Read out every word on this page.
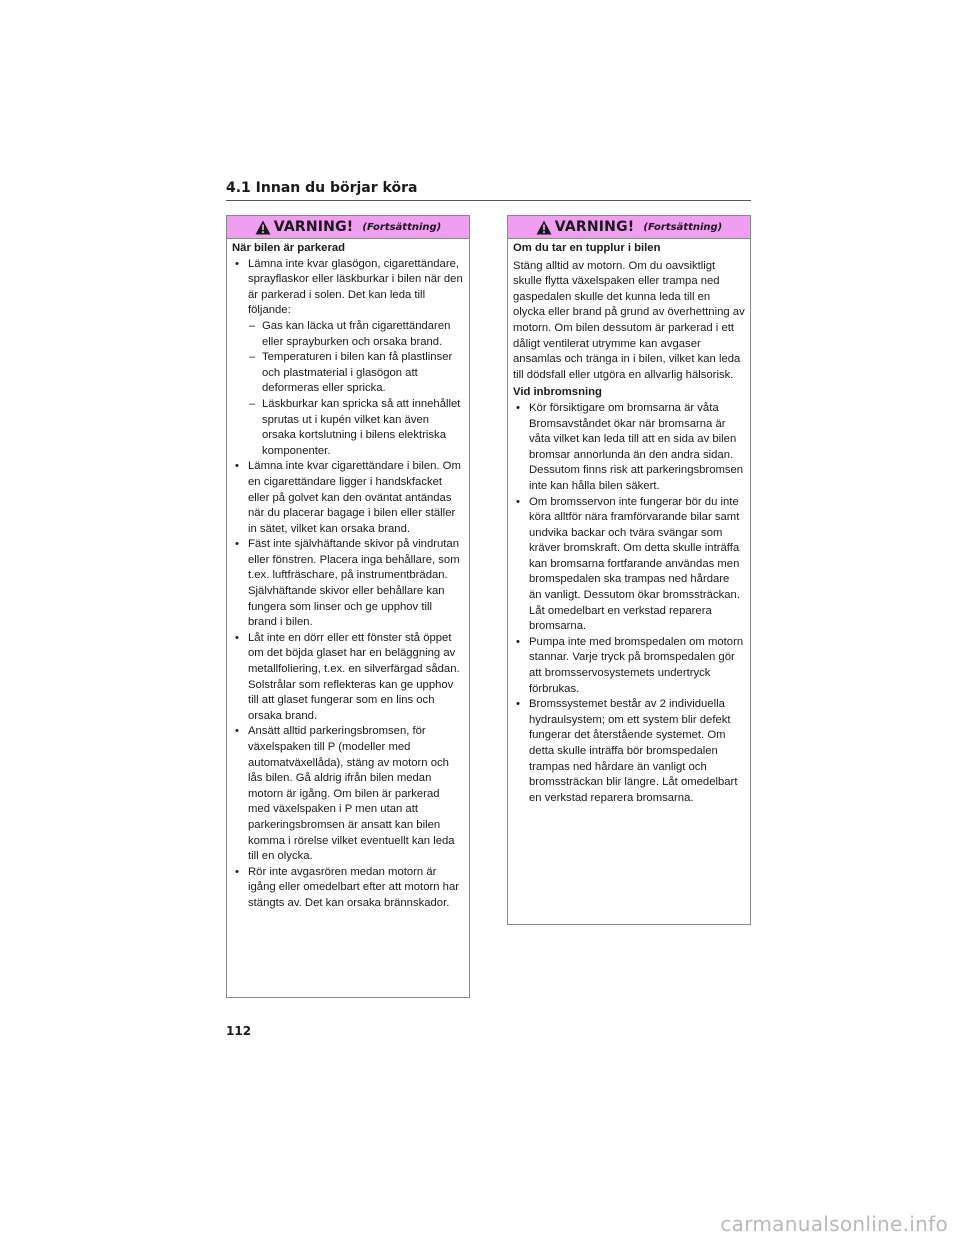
4.1 Innan du börjar köra
VARNING! (Fortsättning)
När bilen är parkerad
• Lämna inte kvar glasögon, cigarettändare, sprayflaskor eller läskburkar i bilen när den är parkerad i solen. Det kan leda till följande:
– Gas kan läcka ut från cigarettändaren eller sprayburken och orsaka brand.
– Temperaturen i bilen kan få plastlinser och plastmaterial i glasögon att deformeras eller spricka.
– Läskburkar kan spricka så att innehållet sprutas ut i kupén vilket kan även orsaka kortslutning i bilens elektriska komponenter.
• Lämna inte kvar cigarettändare i bilen. Om en cigarettändare ligger i handskfacket eller på golvet kan den oväntat antändas när du placerar bagage i bilen eller ställer in sätet, vilket kan orsaka brand.
• Fäst inte självhäftande skivor på vindrutan eller fönstren. Placera inga behållare, som t.ex. luftfräschare, på instrumentbrädan. Självhäftande skivor eller behållare kan fungera som linser och ge upphov till brand i bilen.
• Låt inte en dörr eller ett fönster stå öppet om det böjda glaset har en beläggning av metallfoliering, t.ex. en silverfärgad sådan. Solstrålar som reflekteras kan ge upphov till att glaset fungerar som en lins och orsaka brand.
• Ansätt alltid parkeringsbromsen, för växelspaken till P (modeller med automatväxellåda), stäng av motorn och lås bilen. Gå aldrig ifrån bilen medan motorn är igång. Om bilen är parkerad med växelspaken i P men utan att parkeringsbromsen är ansatt kan bilen komma i rörelse vilket eventuellt kan leda till en olycka.
• Rör inte avgasrören medan motorn är igång eller omedelbart efter att motorn har stängts av. Det kan orsaka brännskador.
VARNING! (Fortsättning)
Om du tar en tupplur i bilen
Stäng alltid av motorn. Om du oavsiktligt skulle flytta växelspaken eller trampa ned gaspedalen skulle det kunna leda till en olycka eller brand på grund av överhettning av motorn. Om bilen dessutom är parkerad i ett dåligt ventilerat utrymme kan avgaser ansamlas och tränga in i bilen, vilket kan leda till dödsfall eller utgöra en allvarlig hälsorisk.
Vid inbromsning
• Kör försiktigare om bromsarna är våta Bromsavståndet ökar när bromsarna är våta vilket kan leda till att en sida av bilen bromsar annorlunda än den andra sidan. Dessutom finns risk att parkeringsbromsen inte kan hålla bilen säkert.
• Om bromsservon inte fungerar bör du inte köra alltför nära framförvarande bilar samt undvika backar och tvära svängar som kräver bromskraft. Om detta skulle inträffa kan bromsarna fortfarande användas men bromspedalen ska trampas ned hårdare än vanligt. Dessutom ökar bromssträckan. Låt omedelbart en verkstad reparera bromsarna.
• Pumpa inte med bromspedalen om motorn stannar. Varje tryck på bromspedalen gör att bromsservosystemets undertryck förbrukas.
• Bromssystemet består av 2 individuella hydraulsystem; om ett system blir defekt fungerar det återstående systemet. Om detta skulle inträffa bör bromspedalen trampas ned hårdare än vanligt och bromssträckan blir längre. Låt omedelbart en verkstad reparera bromsarna.
112
carmanualsonline.info
